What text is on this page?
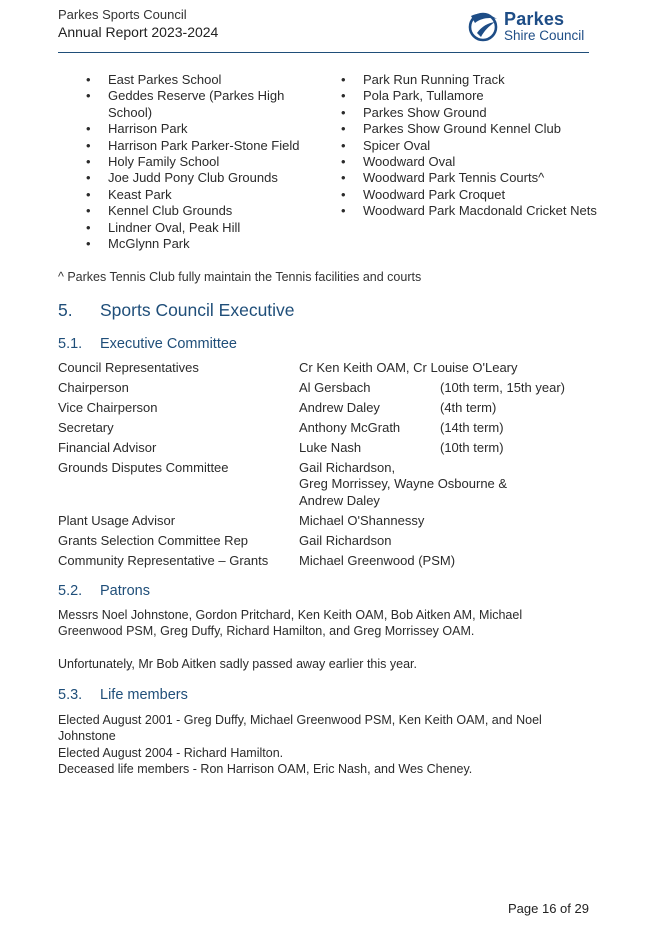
Parkes Sports Council
Annual Report 2023-2024
Parkes
Shire Council
• East Parkes School
• Geddes Reserve (Parkes High School)
• Harrison Park
• Harrison Park Parker-Stone Field
• Holy Family School
• Joe Judd Pony Club Grounds
• Keast Park
• Kennel Club Grounds
• Lindner Oval, Peak Hill
• McGlynn Park
• Park Run Running Track
• Pola Park, Tullamore
• Parkes Show Ground
• Parkes Show Ground Kennel Club
• Spicer Oval
• Woodward Oval
• Woodward Park Tennis Courts^
• Woodward Park Croquet
• Woodward Park Macdonald Cricket Nets
^ Parkes Tennis Club fully maintain the Tennis facilities and courts
5.	Sports Council Executive
5.1.	Executive Committee
Council Representatives	Cr Ken Keith OAM, Cr Louise O'Leary
Chairperson	Al Gersbach	(10th term, 15th year)
Vice Chairperson	Andrew Daley	(4th term)
Secretary	Anthony McGrath	(14th term)
Financial Advisor	Luke Nash	(10th term)
Grounds Disputes Committee	Gail Richardson,
Greg Morrissey, Wayne Osbourne &
Andrew Daley
Plant Usage Advisor	Michael O'Shannessy
Grants Selection Committee Rep	Gail Richardson
Community Representative – Grants	Michael Greenwood (PSM)
5.2.	Patrons
Messrs Noel Johnstone, Gordon Pritchard, Ken Keith OAM, Bob Aitken AM, Michael Greenwood PSM, Greg Duffy, Richard Hamilton, and Greg Morrissey OAM.
Unfortunately, Mr Bob Aitken sadly passed away earlier this year.
5.3.	Life members
Elected August 2001 - Greg Duffy, Michael Greenwood PSM, Ken Keith OAM, and Noel Johnstone
Elected August 2004 - Richard Hamilton.
Deceased life members - Ron Harrison OAM, Eric Nash, and Wes Cheney.
Page 16 of 29
